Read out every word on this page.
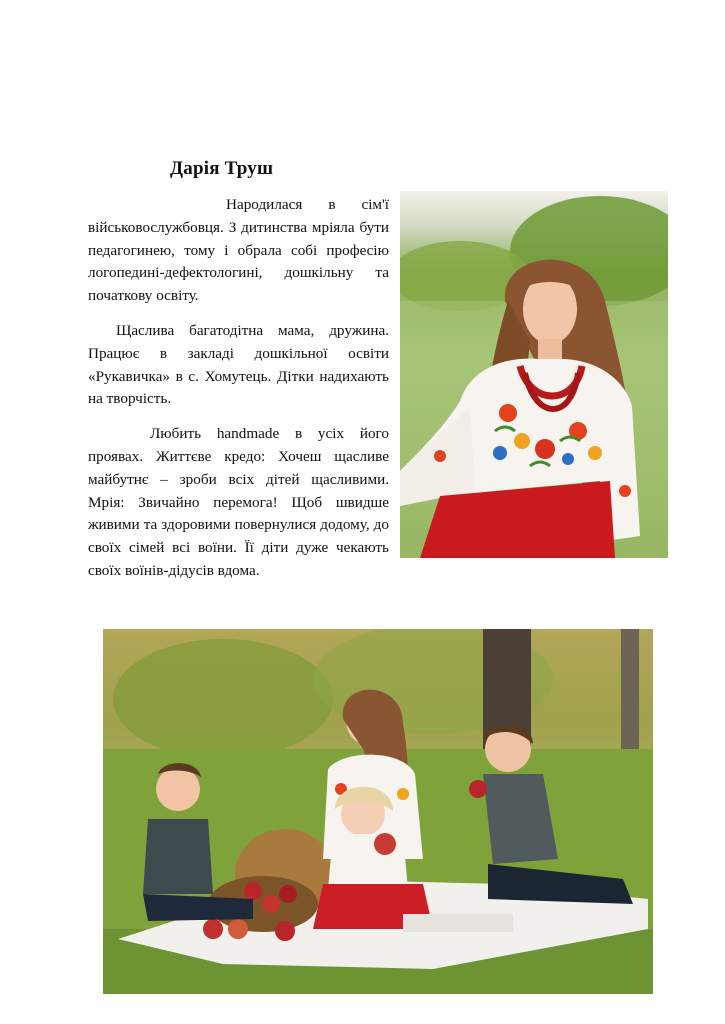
Дарія Труш

Народилася в сім'ї військовослужбовця. З дитинства мріяла бути педагогинею, тому і обрала собі професію логопедині-дефектологині, дошкільну та початкову освіту.

Щаслива багатодітна мама, дружина. Працює в закладі дошкільної освіти «Рукавичка» в с. Хомутець. Дітки надихають на творчість.

Любить handmade в усіх його проявах. Життєве кредо: Хочеш щасливе майбутнє – зроби всіх дітей щасливими. Мрія: Звичайно перемога! Щоб швидше живими та здоровими повернулися додому, до своїх сімей всі воїни. Її діти дуже чекають своїх воїнів-дідусів вдома.
